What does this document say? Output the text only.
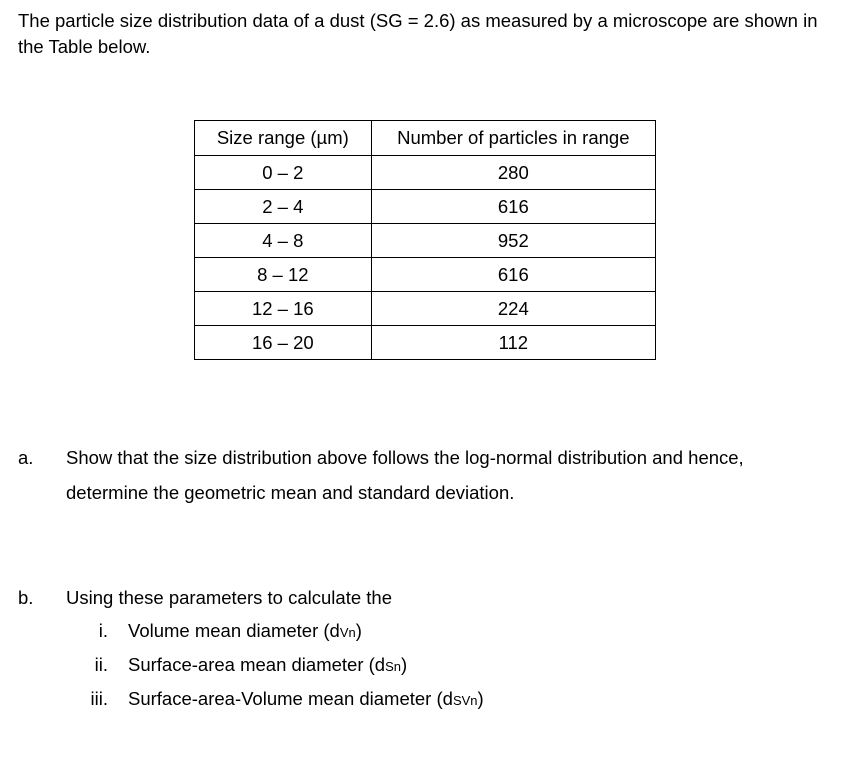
The particle size distribution data of a dust (SG = 2.6) as measured by a microscope are shown in the Table below.
Size range (µm)	Number of particles in range
0 – 2	280
2 – 4	616
4 – 8	952
8 – 12	616
12 – 16	224
16 – 20	112
a. Show that the size distribution above follows the log-normal distribution and hence,
determine the geometric mean and standard deviation.
b. Using these parameters to calculate the
i. Volume mean diameter (dVn)
ii. Surface-area mean diameter (dSn)
iii. Surface-area-Volume mean diameter (dSVn)
